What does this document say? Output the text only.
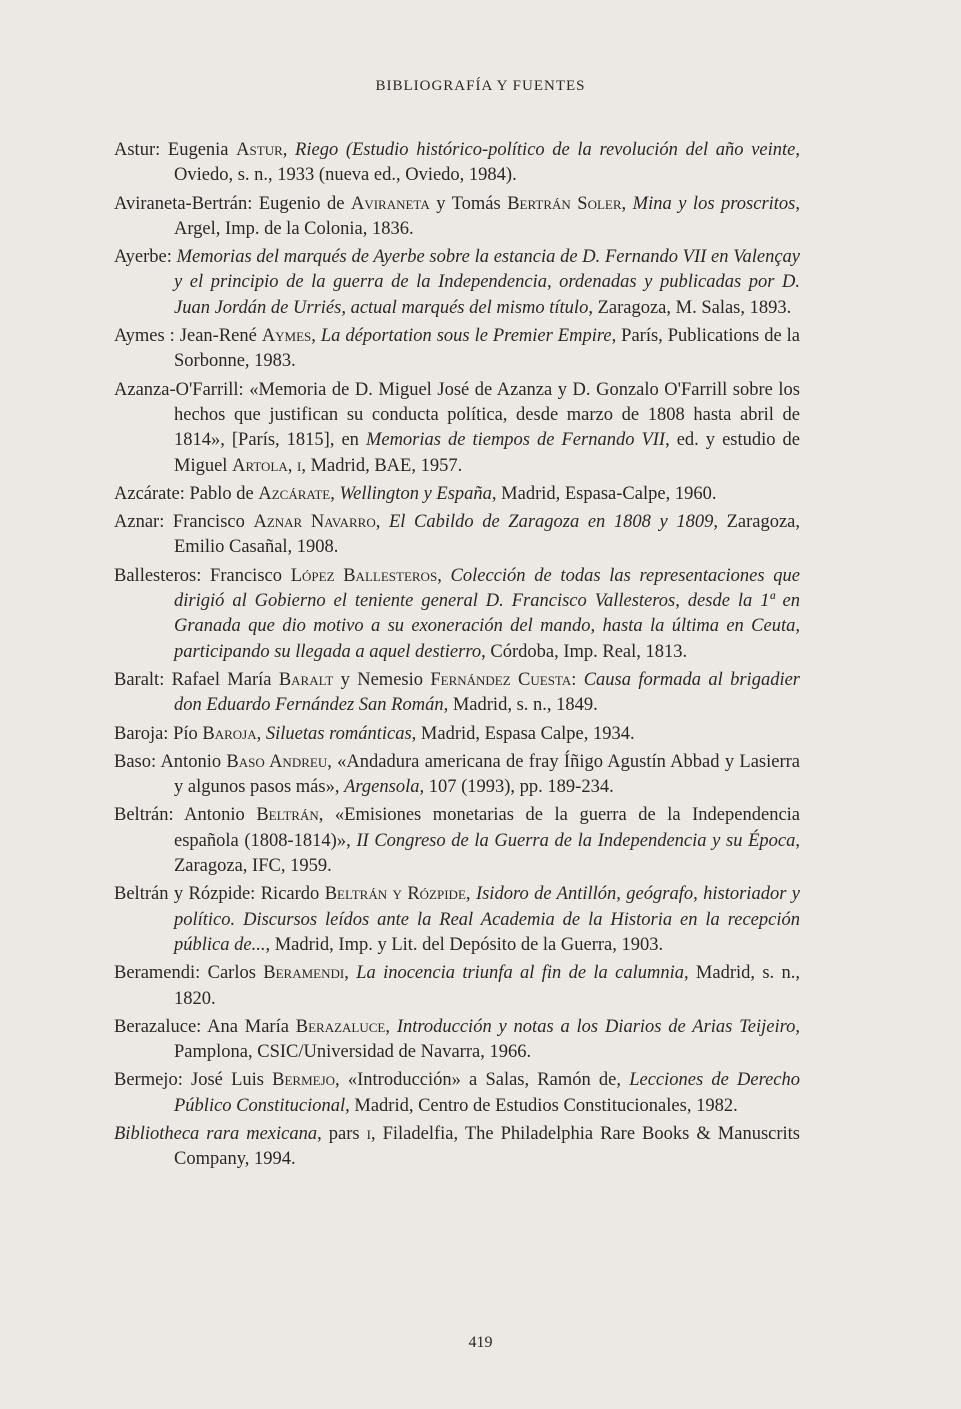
BIBLIOGRAFÍA Y FUENTES
Astur: Eugenia Astur, Riego (Estudio histórico-político de la revolución del año veinte, Oviedo, s. n., 1933 (nueva ed., Oviedo, 1984).
Aviraneta-Bertrán: Eugenio de Aviraneta y Tomás Bertrán Soler, Mina y los proscritos, Argel, Imp. de la Colonia, 1836.
Ayerbe: Memorias del marqués de Ayerbe sobre la estancia de D. Fernando VII en Valençay y el principio de la guerra de la Independencia, ordenadas y publicadas por D. Juan Jordán de Urriés, actual marqués del mismo título, Zaragoza, M. Salas, 1893.
Aymes : Jean-René Aymes, La déportation sous le Premier Empire, París, Publications de la Sorbonne, 1983.
Azanza-O'Farrill: «Memoria de D. Miguel José de Azanza y D. Gonzalo O'Farrill sobre los hechos que justifican su conducta política, desde marzo de 1808 hasta abril de 1814», [París, 1815], en Memorias de tiempos de Fernando VII, ed. y estudio de Miguel Artola, i, Madrid, BAE, 1957.
Azcárate: Pablo de Azcárate, Wellington y España, Madrid, Espasa-Calpe, 1960.
Aznar: Francisco Aznar Navarro, El Cabildo de Zaragoza en 1808 y 1809, Zaragoza, Emilio Casañal, 1908.
Ballesteros: Francisco López Ballesteros, Colección de todas las representaciones que dirigió al Gobierno el teniente general D. Francisco Vallesteros, desde la 1ª en Granada que dio motivo a su exoneración del mando, hasta la última en Ceuta, participando su llegada a aquel destierro, Córdoba, Imp. Real, 1813.
Baralt: Rafael María Baralt y Nemesio Fernández Cuesta: Causa formada al brigadier don Eduardo Fernández San Román, Madrid, s. n., 1849.
Baroja: Pío Baroja, Siluetas románticas, Madrid, Espasa Calpe, 1934.
Baso: Antonio Baso Andreu, «Andadura americana de fray Íñigo Agustín Abbad y Lasierra y algunos pasos más», Argensola, 107 (1993), pp. 189-234.
Beltrán: Antonio Beltrán, «Emisiones monetarias de la guerra de la Independencia española (1808-1814)», II Congreso de la Guerra de la Independencia y su Época, Zaragoza, IFC, 1959.
Beltrán y Rózpide: Ricardo Beltrán y Rózpide, Isidoro de Antillón, geógrafo, historiador y político. Discursos leídos ante la Real Academia de la Historia en la recepción pública de..., Madrid, Imp. y Lit. del Depósito de la Guerra, 1903.
Beramendi: Carlos Beramendi, La inocencia triunfa al fin de la calumnia, Madrid, s. n., 1820.
Berazaluce: Ana María Berazaluce, Introducción y notas a los Diarios de Arias Teijeiro, Pamplona, CSIC/Universidad de Navarra, 1966.
Bermejo: José Luis Bermejo, «Introducción» a Salas, Ramón de, Lecciones de Derecho Público Constitucional, Madrid, Centro de Estudios Constitucionales, 1982.
Bibliotheca rara mexicana, pars i, Filadelfia, The Philadelphia Rare Books & Manuscrits Company, 1994.
419
